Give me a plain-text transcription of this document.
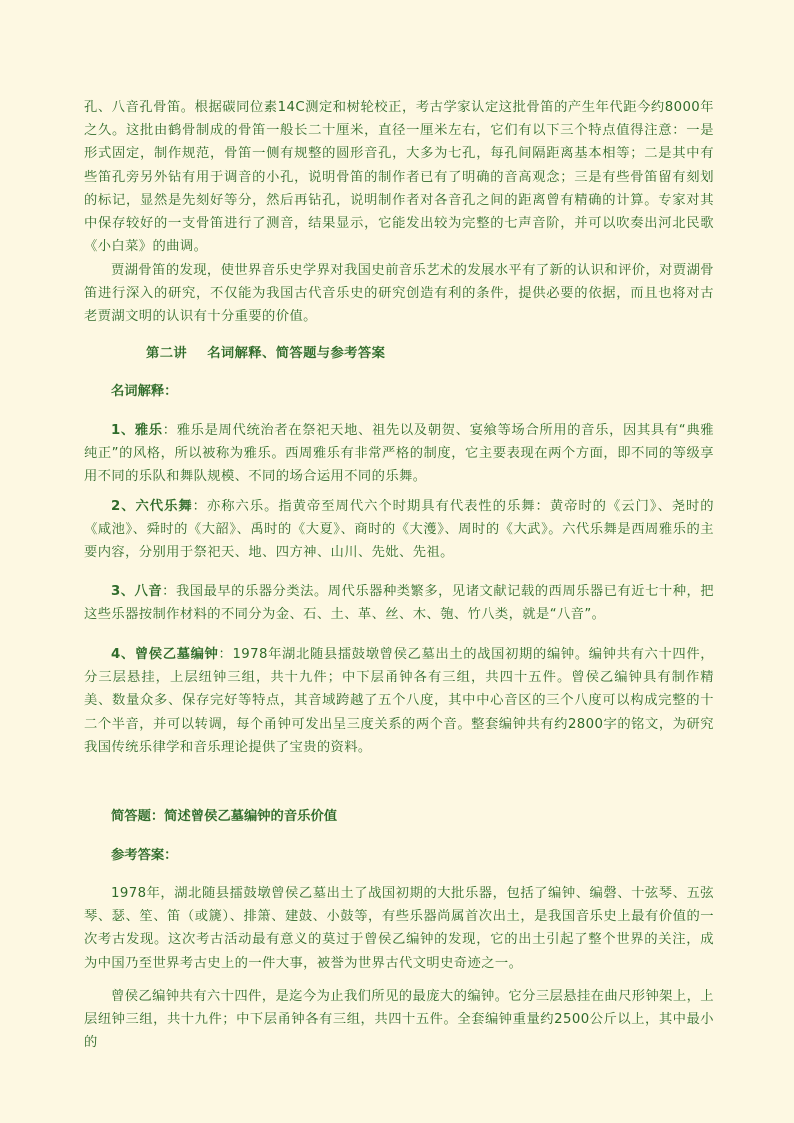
孔、八音孔骨笛。根据碳同位素14C测定和树轮校正，考古学家认定这批骨笛的产生年代距今约8000年之久。这批由鹤骨制成的骨笛一般长二十厘米，直径一厘米左右，它们有以下三个特点值得注意：一是形式固定，制作规范，骨笛一侧有规整的圆形音孔，大多为七孔，每孔间隔距离基本相等；二是其中有些笛孔旁另外钻有用于调音的小孔，说明骨笛的制作者已有了明确的音高观念；三是有些骨笛留有刻划的标记，显然是先刻好等分，然后再钻孔，说明制作者对各音孔之间的距离曾有精确的计算。专家对其中保存较好的一支骨笛进行了测音，结果显示，它能发出较为完整的七声音阶，并可以吹奏出河北民歌《小白菜》的曲调。

贾湖骨笛的发现，使世界音乐史学界对我国史前音乐艺术的发展水平有了新的认识和评价，对贾湖骨笛进行深入的研究，不仅能为我国古代音乐史的研究创造有利的条件，提供必要的依据，而且也将对古老贾湖文明的认识有十分重要的价值。

第二讲 名词解释、简答题与参考答案

名词解释：

1、雅乐：雅乐是周代统治者在祭祀天地、祖先以及朝贺、宴飨等场合所用的音乐，因其具有“典雅纯正”的风格，所以被称为雅乐。西周雅乐有非常严格的制度，它主要表现在两个方面，即不同的等级享用不同的乐队和舞队规模、不同的场合运用不同的乐舞。

2、六代乐舞：亦称六乐。指黄帝至周代六个时期具有代表性的乐舞：黄帝时的《云门》、尧时的《咸池》、舜时的《大韶》、禹时的《大夏》、商时的《大濩》、周时的《大武》。六代乐舞是西周雅乐的主要内容，分别用于祭祀天、地、四方神、山川、先妣、先祖。

3、八音：我国最早的乐器分类法。周代乐器种类繁多，见诸文献记载的西周乐器已有近七十种，把这些乐器按制作材料的不同分为金、石、土、革、丝、木、匏、竹八类，就是“八音”。

4、曾侯乙墓编钟：1978年湖北随县擂鼓墩曾侯乙墓出土的战国初期的编钟。编钟共有六十四件，分三层悬挂，上层纽钟三组，共十九件；中下层甬钟各有三组，共四十五件。曾侯乙编钟具有制作精美、数量众多、保存完好等特点，其音域跨越了五个八度，其中中心音区的三个八度可以构成完整的十二个半音，并可以转调，每个甬钟可发出呈三度关系的两个音。整套编钟共有约2800字的铭文，为研究我国传统乐律学和音乐理论提供了宝贵的资料。

简答题：简述曾侯乙墓编钟的音乐价值

参考答案：

1978年，湖北随县擂鼓墩曾侯乙墓出土了战国初期的大批乐器，包括了编钟、编磬、十弦琴、五弦琴、瑟、笙、笛（或篪）、排箫、建鼓、小鼓等，有些乐器尚属首次出土，是我国音乐史上最有价值的一次考古发现。这次考古活动最有意义的莫过于曾侯乙编钟的发现，它的出土引起了整个世界的关注，成为中国乃至世界考古史上的一件大事，被誉为世界古代文明史奇迹之一。

曾侯乙编钟共有六十四件，是迄今为止我们所见的最庞大的编钟。它分三层悬挂在曲尺形钟架上，上层纽钟三组，共十九件；中下层甬钟各有三组，共四十五件。全套编钟重量约2500公斤以上，其中最小的
